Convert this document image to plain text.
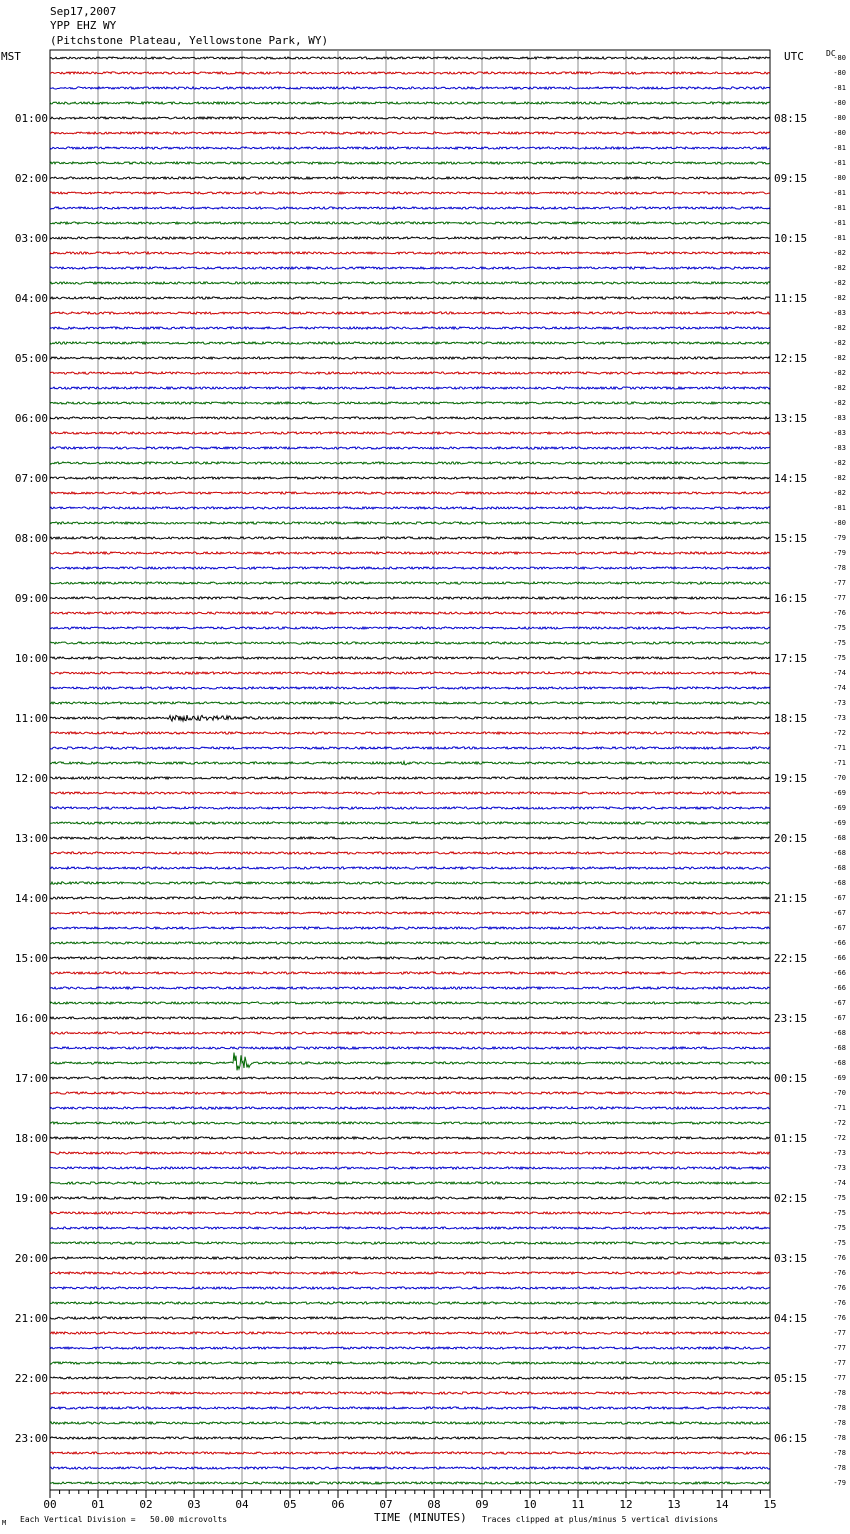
Sep17,2007
YPP EHZ WY
(Pitchstone Plateau, Yellowstone Park, WY)
MST	UTC	DC
-80
-80
-81
-80
-80
-80
-81
-81
-80
-81
-81
-81
-81
-82
-82
-82
-82
-83
-82
-82
-82
-82
-82
-82
-83
-83
-83
-82
-82
-82
-81
-80
-79
-79
-78
-77
-77
-76
-75
-75
-75
-74
-74
-73
-73
-72
-71
-71
-70
-69
-69
-69
-68
-68
-68
-68
-67
-67
-67
-66
-66
-66
-66
-67
-67
-68
-68
-68
-69
-70
-71
-72
-72
-73
-73
-74
-75
-75
-75
-75
-76
-76
-76
-76
-76
-77
-77
-77
-77
-78
-78
-78
-78
-78
-78
-79
01:00	08:15
02:00	09:15
03:00	10:15
04:00	11:15
05:00	12:15
06:00	13:15
07:00	14:15
08:00	15:15
09:00	16:15
10:00	17:15
11:00	18:15
12:00	19:15
13:00	20:15
14:00	21:15
15:00	22:15
16:00	23:15
17:00	00:15
18:00	01:15
19:00	02:15
20:00	03:15
21:00	04:15
22:00	05:15
23:00	06:15
00	01	02	03	04	05	06	07	08	09	10	11	12	13	14	15
M Each Vertical Division =   50.00 microvolts	TIME (MINUTES) Traces clipped at plus/minus 5 vertical divisions
